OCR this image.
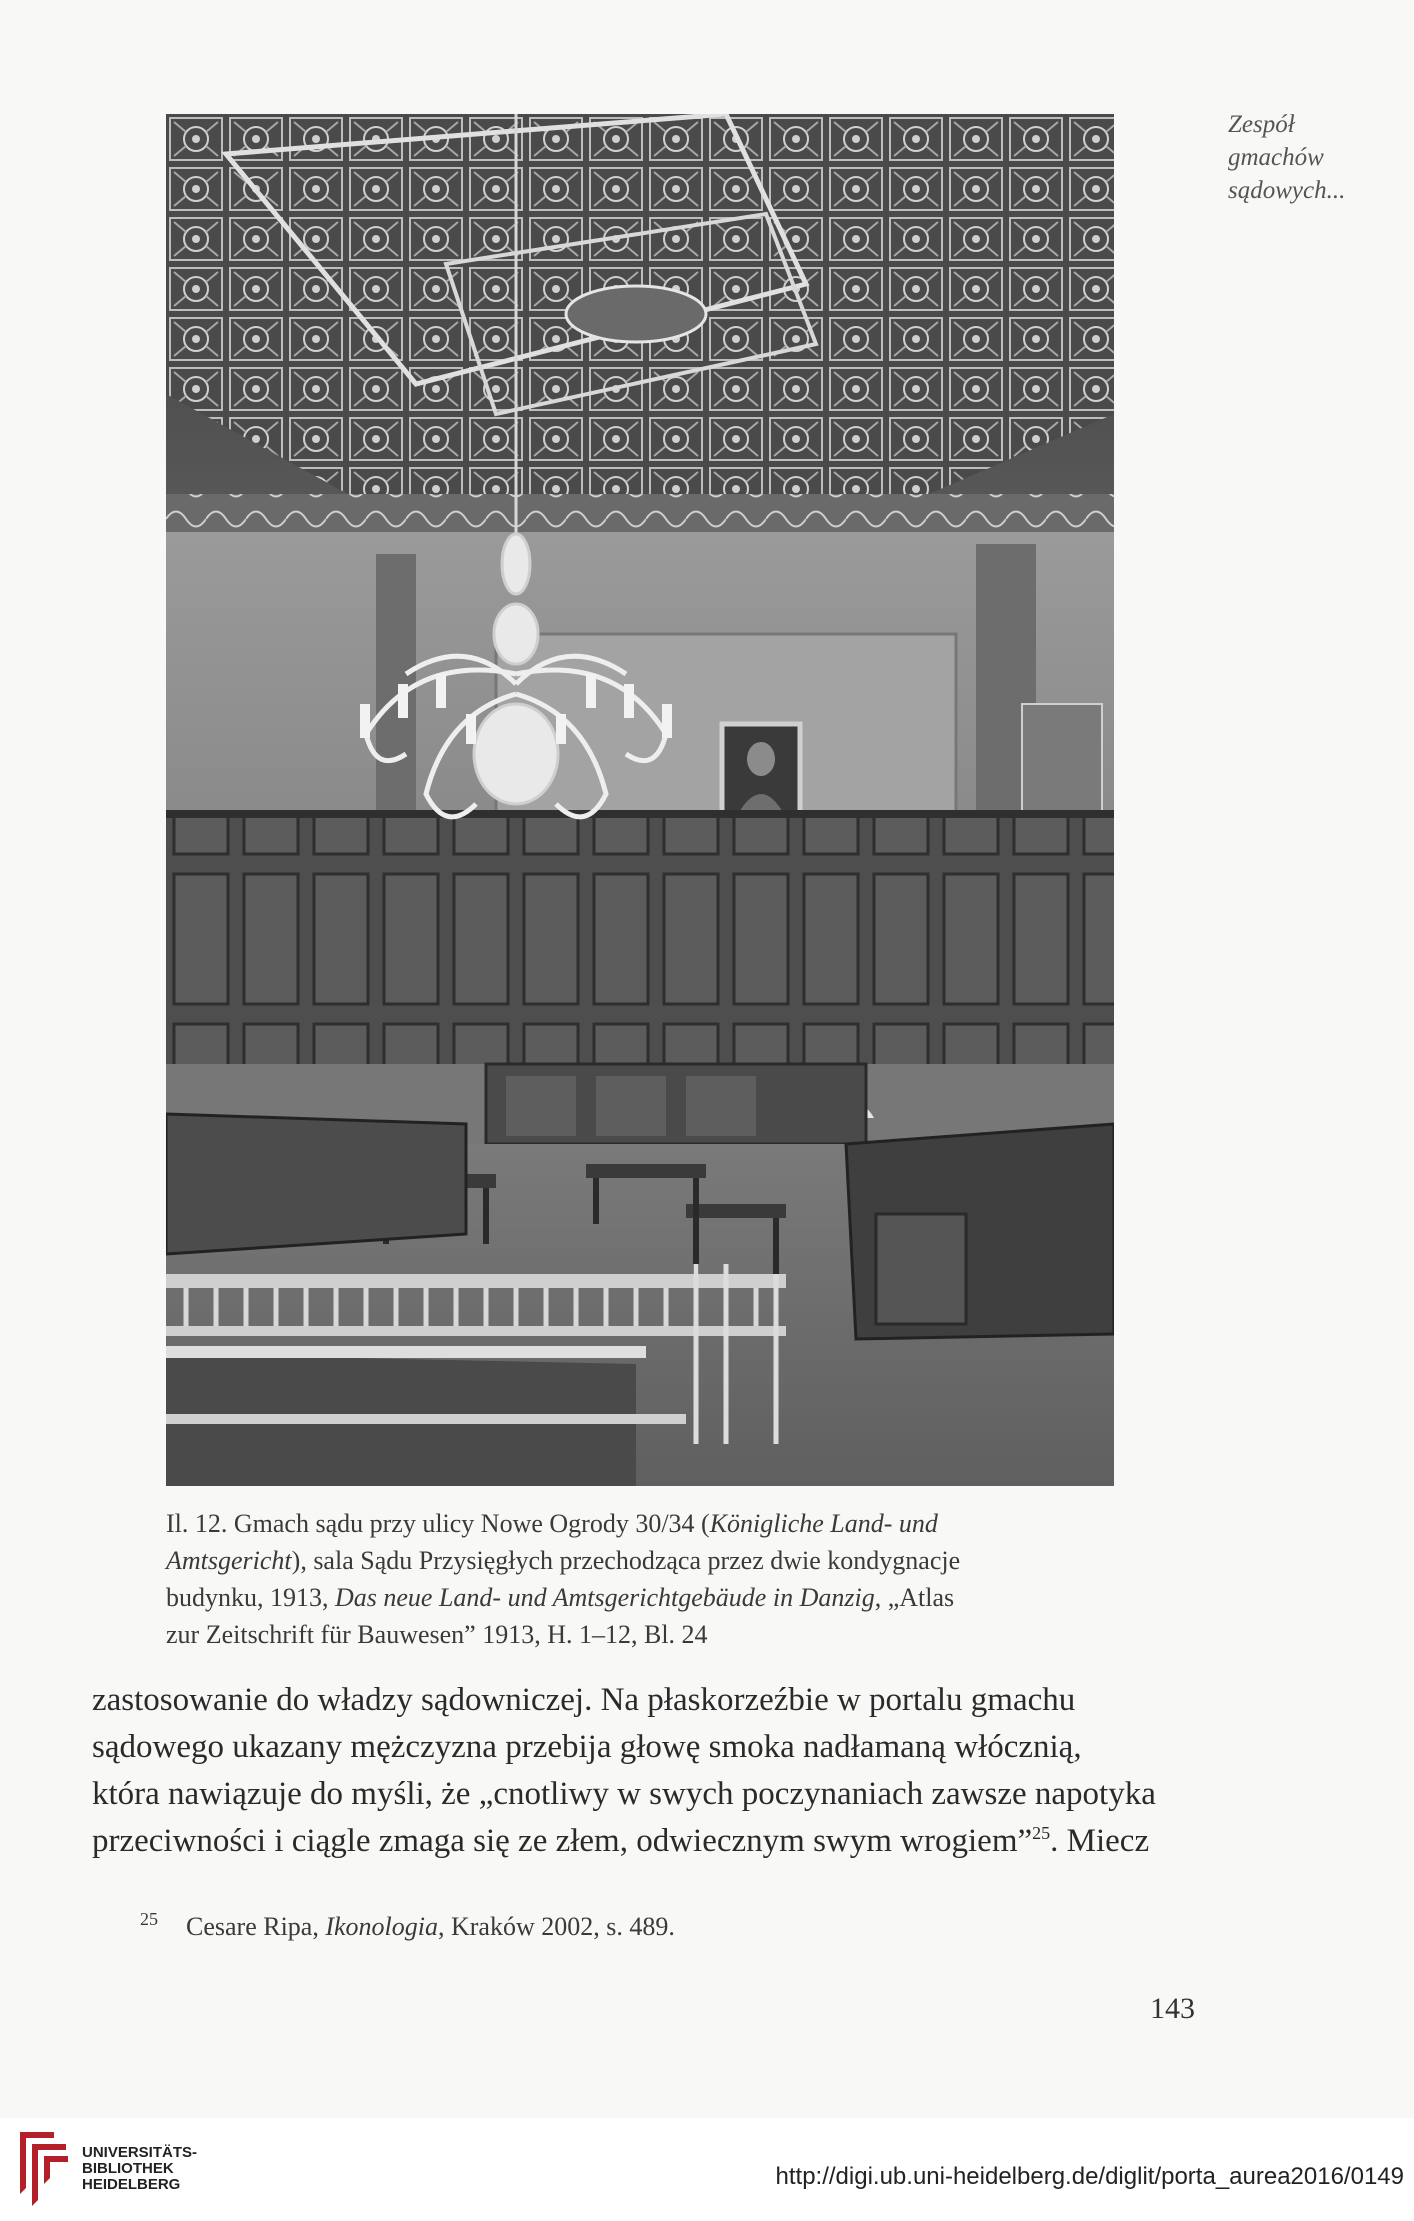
Zespół
gmachów
sądowych...
Il. 12. Gmach sądu przy ulicy Nowe Ogrody 30/34 (Königliche Land- und
Amtsgericht), sala Sądu Przysięgłych przechodząca przez dwie kondygnacje
budynku, 1913, Das neue Land- und Amtsgerichtgebäude in Danzig, „Atlas
zur Zeitschrift für Bauwesen” 1913, H. 1–12, Bl. 24
zastosowanie do władzy sądowniczej. Na płaskorzeźbie w portalu gmachu
sądowego ukazany mężczyzna przebija głowę smoka nadłamaną włócznią,
która nawiązuje do myśli, że „cnotliwy w swych poczynaniach zawsze napotyka
przeciwności i ciągle zmaga się ze złem, odwiecznym swym wrogiem”$^{25}$. Miecz
25 Cesare Ripa, Ikonologia, Kraków 2002, s. 489.
143
UNIVERSITÄTS-
BIBLIOTHEK
HEIDELBERG	http://digi.ub.uni-heidelberg.de/diglit/porta_aurea2016/0149
